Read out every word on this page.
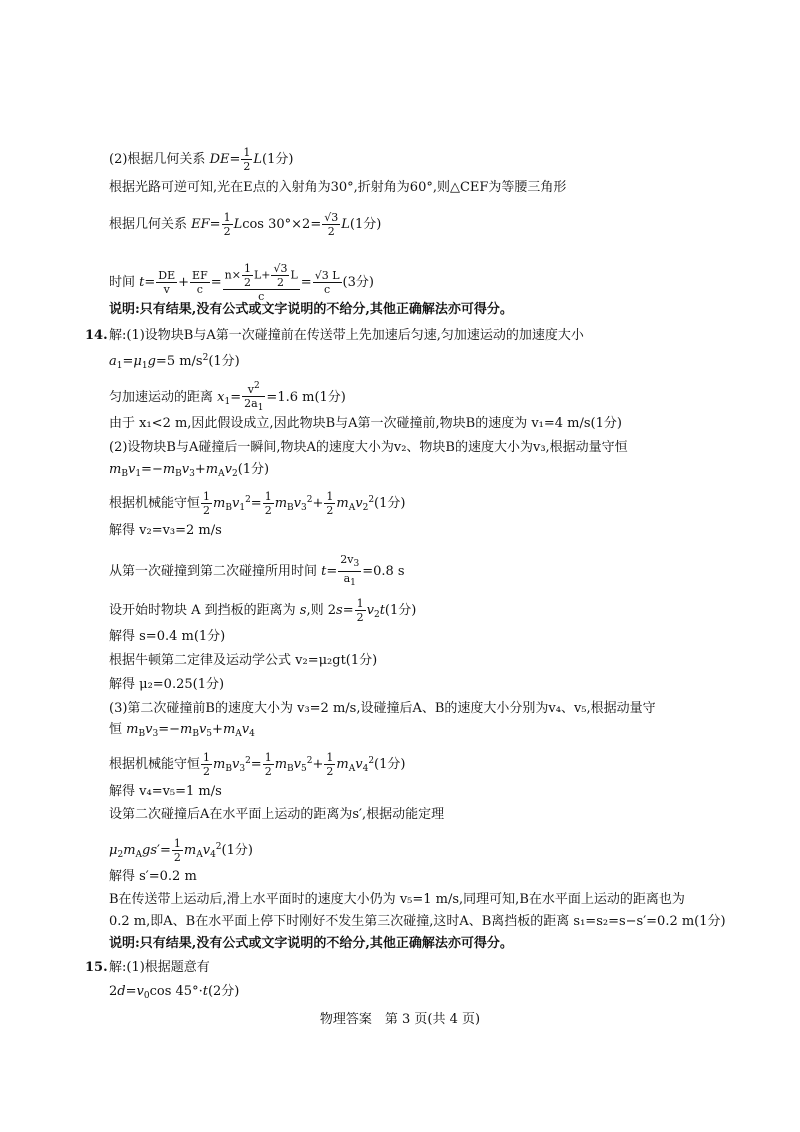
(2)根据几何关系 $DE= \frac{1}{2} L(1$分)
根据光路可逆可知,光在E点的入射角为30°,折射角为60°,则△CEF为等腰三角形
根据几何关系 $EF= \frac{1}{2}$ Lcos $30^\circ\times 2= \frac{√3}{2} L(1$分)
时间 $t= \frac{DE}{v} + \frac{EF}{c} = \frac{n\times \frac{1}{2} L+ \frac{√3}{2} L}{c} = \frac{√3 L}{c} (3$分)
说明:只有结果,没有公式或文字说明的不给分,其他正确解法亦可得分。
14. 解:(1)设物块B与A第一次碰撞前在传送带上先加速后匀速,匀加速运动的加速度大小
$a_1=\mu_1g=5$ $m/s^2(1$分)
匀加速运动的距离 $x_1= \frac{v^2}{2a_1} =1.6$ m(1分)
由于 x₁<2 m,因此假设成立,因此物块B与A第一次碰撞前,物块B的速度为 v₁=4 m/s(1分)
(2)设物块B与A碰撞后一瞬间,物块A的速度大小为v₂、物块B的速度大小为v₃,根据动量守恒
$m_Bv_1=-m_Bv_3+m_Av_2(1$分)
根据机械能守恒 $\frac{1}{2} m_Bv_1^2= \frac{1}{2} m_Bv_3^2+ \frac{1}{2} m_Av_2^2(1$分)
解得 v₂=v₃=2 m/s
从第一次碰撞到第二次碰撞所用时间 $t= \frac{2v_3}{a_1} =0.8$ s
设开始时物块 A 到挡板的距离为 s,则 $2s= \frac{1}{2} v_2t(1$分)
解得 s=0.4 m(1分)
根据牛顿第二定律及运动学公式 v₂=μ₂gt(1分)
解得 μ₂=0.25(1分)
(3)第二次碰撞前B的速度大小为 v₃=2 m/s,设碰撞后A、B的速度大小分别为v₄、v₅,根据动量守
恒 $m_Bv_3=-m_Bv_5+m_Av_4$
根据机械能守恒 $\frac{1}{2} m_Bv_3^2= \frac{1}{2} m_Bv_5^2+ \frac{1}{2} m_Av_4^2(1$分)
解得 v₄=v₅=1 m/s
设第二次碰撞后A在水平面上运动的距离为s′,根据动能定理
$\mu_2m_Ags'= \frac{1}{2} m_Av_4^2(1$分)
解得 s′=0.2 m
B在传送带上运动后,滑上水平面时的速度大小仍为 v₅=1 m/s,同理可知,B在水平面上运动的距离也为
0.2 m,即A、B在水平面上停下时刚好不发生第三次碰撞,这时A、B离挡板的距离 s₁=s₂=s−s′=0.2 m(1分)
说明:只有结果,没有公式或文字说明的不给分,其他正确解法亦可得分。
15. 解:(1)根据题意有
$2d=v_0\cos$ 45°·t(2分)
物理答案　第 3 页(共 4 页)
